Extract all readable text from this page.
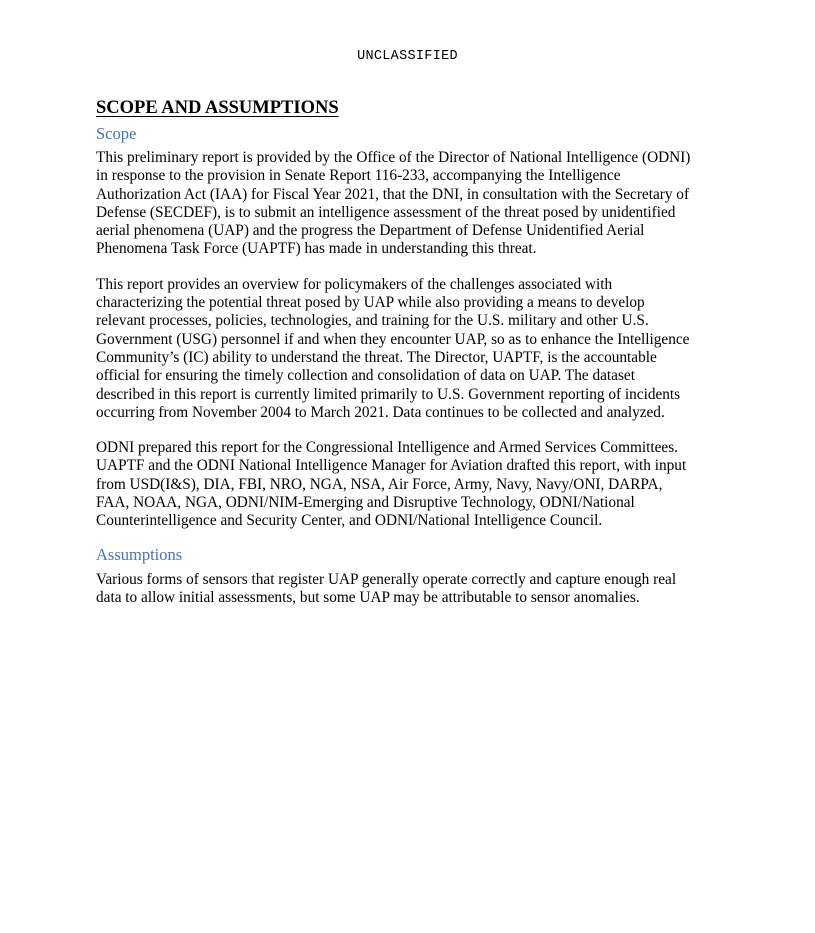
UNCLASSIFIED
SCOPE AND ASSUMPTIONS
Scope

This preliminary report is provided by the Office of the Director of National Intelligence (ODNI)
in response to the provision in Senate Report 116-233, accompanying the Intelligence
Authorization Act (IAA) for Fiscal Year 2021, that the DNI, in consultation with the Secretary of
Defense (SECDEF), is to submit an intelligence assessment of the threat posed by unidentified
aerial phenomena (UAP) and the progress the Department of Defense Unidentified Aerial
Phenomena Task Force (UAPTF) has made in understanding this threat.

This report provides an overview for policymakers of the challenges associated with
characterizing the potential threat posed by UAP while also providing a means to develop
relevant processes, policies, technologies, and training for the U.S. military and other U.S.
Government (USG) personnel if and when they encounter UAP, so as to enhance the Intelligence
Community’s (IC) ability to understand the threat. The Director, UAPTF, is the accountable
official for ensuring the timely collection and consolidation of data on UAP. The dataset
described in this report is currently limited primarily to U.S. Government reporting of incidents
occurring from November 2004 to March 2021. Data continues to be collected and analyzed.

ODNI prepared this report for the Congressional Intelligence and Armed Services Committees.
UAPTF and the ODNI National Intelligence Manager for Aviation drafted this report, with input
from USD(I&S), DIA, FBI, NRO, NGA, NSA, Air Force, Army, Navy, Navy/ONI, DARPA,
FAA, NOAA, NGA, ODNI/NIM-Emerging and Disruptive Technology, ODNI/National
Counterintelligence and Security Center, and ODNI/National Intelligence Council.

Assumptions

Various forms of sensors that register UAP generally operate correctly and capture enough real
data to allow initial assessments, but some UAP may be attributable to sensor anomalies.
